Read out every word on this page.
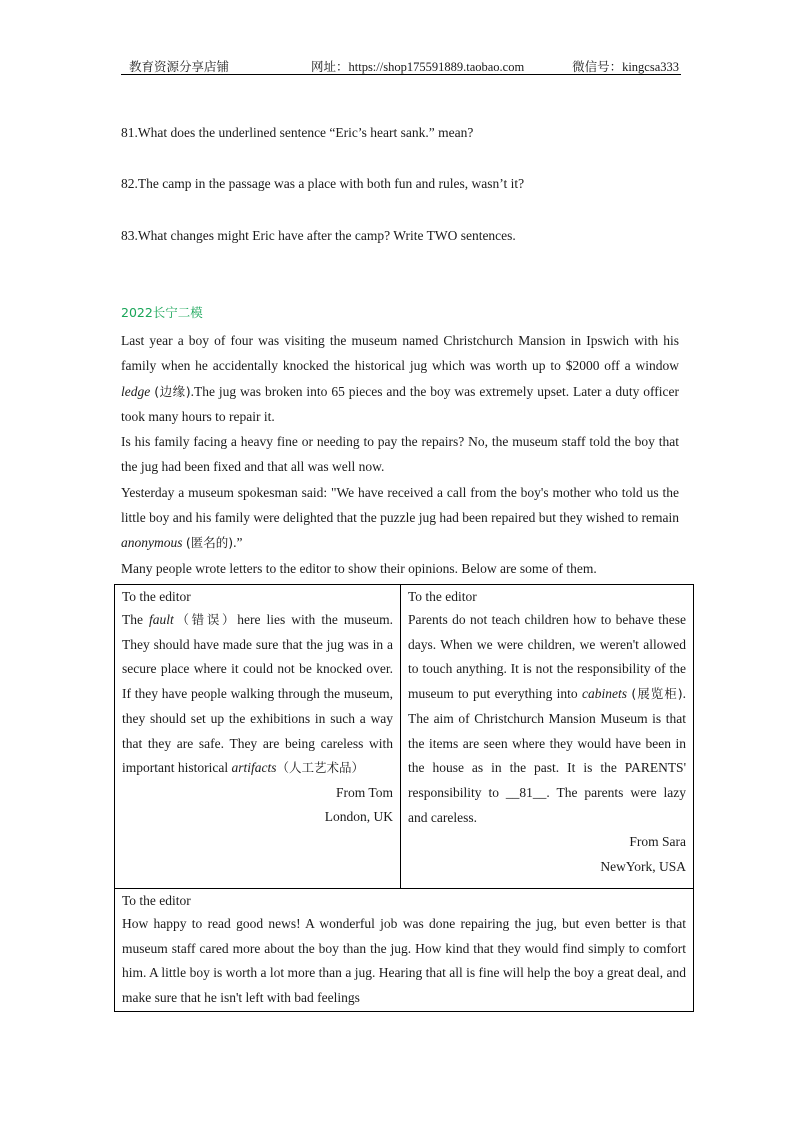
教育资源分享店铺	网址：https://shop175591889.taobao.com	微信号：kingcsa333
81.What does the underlined sentence “Eric’s heart sank.” mean?
82.The camp in the passage was a place with both fun and rules, wasn’t it?
83.What changes might Eric have after the camp? Write TWO sentences.
2022长宁二模

Last year a boy of four was visiting the museum named Christchurch Mansion in Ipswich with his family when he accidentally knocked the historical jug which was worth up to $2000 off a window ledge (边缘).The jug was broken into 65 pieces and the boy was extremely upset. Later a duty officer took many hours to repair it.

Is his family facing a heavy fine or needing to pay the repairs? No, the museum staff told the boy that the jug had been fixed and that all was well now.

Yesterday a museum spokesman said: "We have received a call from the boy's mother who told us the little boy and his family were delighted that the puzzle jug had been repaired but they wished to remain anonymous (匿名的).”

Many people wrote letters to the editor to show their opinions. Below are some of them.

To the editor

The fault（错误）here lies with the museum. They should have made sure that the jug was in a secure place where it could not be knocked over. If they have people walking through the museum, they should set up the exhibitions in such a way that they are safe. They are being careless with important historical artifacts（人工艺术品）

From Tom

London, UK

To the editor

Parents do not teach children how to behave these days. When we were children, we weren't allowed to touch anything. It is not the responsibility of the museum to put everything into cabinets (展览柜). The aim of Christchurch Mansion Museum is that the items are seen where they would have been in the house as in the past. It is the PARENTS' responsibility to __81__. The parents were lazy and careless.

From Sara

NewYork, USA

To the editor

How happy to read good news! A wonderful job was done repairing the jug, but even better is that museum staff cared more about the boy than the jug. How kind that they would find simply to comfort him. A little boy is worth a lot more than a jug. Hearing that all is fine will help the boy a great deal, and make sure that he isn't left with bad feelings
